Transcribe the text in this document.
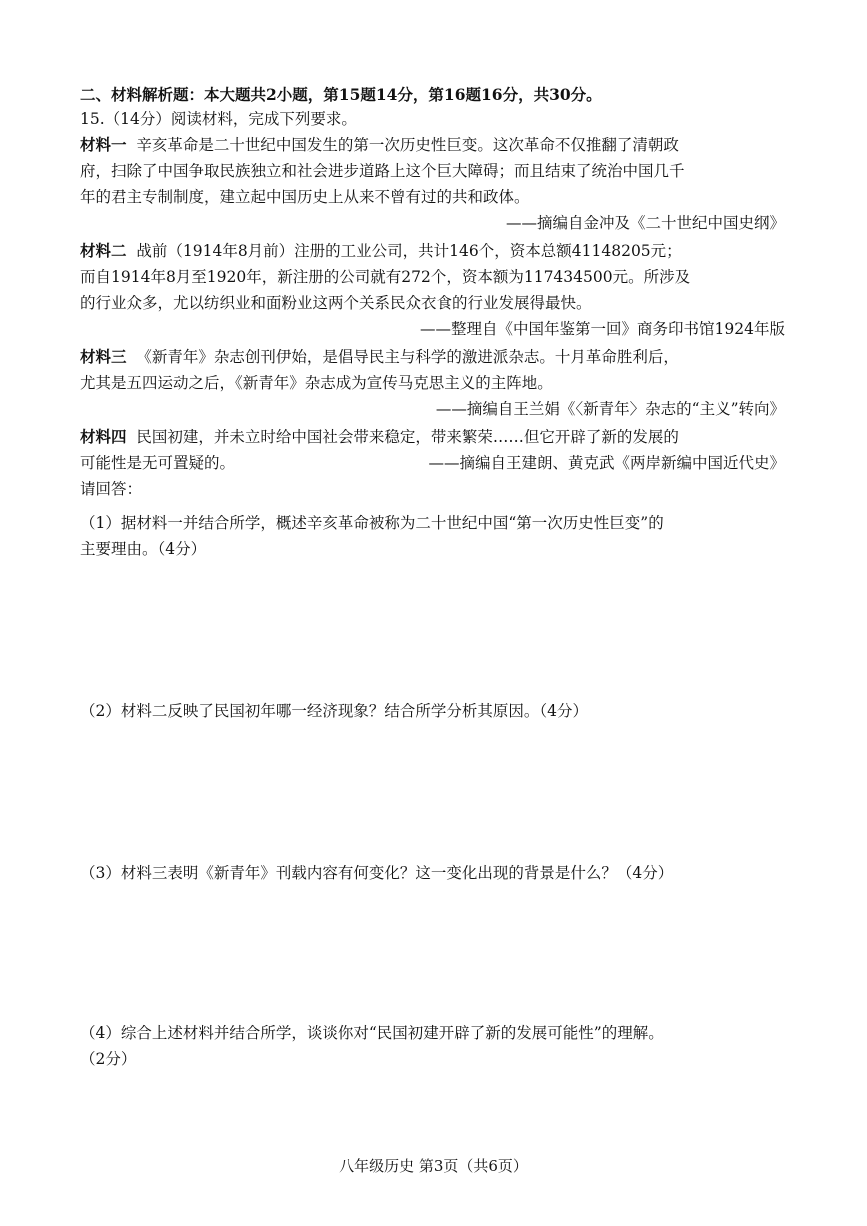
二、材料解析题：本大题共2小题，第15题14分，第16题16分，共30分。
15.（14分）阅读材料，完成下列要求。
材料一 辛亥革命是二十世纪中国发生的第一次历史性巨变。这次革命不仅推翻了清朝政
府，扫除了中国争取民族独立和社会进步道路上这个巨大障碍；而且结束了统治中国几千
年的君主专制制度，建立起中国历史上从来不曾有过的共和政体。
——摘编自金冲及《二十世纪中国史纲》
材料二 战前（1914年8月前）注册的工业公司，共计146个，资本总额41148205元；
而自1914年8月至1920年，新注册的公司就有272个，资本额为117434500元。所涉及
的行业众多，尤以纺织业和面粉业这两个关系民众衣食的行业发展得最快。
——整理自《中国年鉴第一回》商务印书馆1924年版
材料三 《新青年》杂志创刊伊始，是倡导民主与科学的激进派杂志。十月革命胜利后，
尤其是五四运动之后，《新青年》杂志成为宣传马克思主义的主阵地。
——摘编自王兰娟《〈新青年〉杂志的“主义”转向》
材料四 民国初建，并未立时给中国社会带来稳定，带来繁荣……但它开辟了新的发展的
可能性是无可置疑的。	——摘编自王建朗、黄克武《两岸新编中国近代史》
请回答：
（1）据材料一并结合所学，概述辛亥革命被称为二十世纪中国“第一次历史性巨变”的
主要理由。（4分）
（2）材料二反映了民国初年哪一经济现象？结合所学分析其原因。（4分）
（3）材料三表明《新青年》刊载内容有何变化？这一变化出现的背景是什么？（4分）
（4）综合上述材料并结合所学，谈谈你对“民国初建开辟了新的发展可能性”的理解。
（2分）
八年级历史 第3页（共6页）
